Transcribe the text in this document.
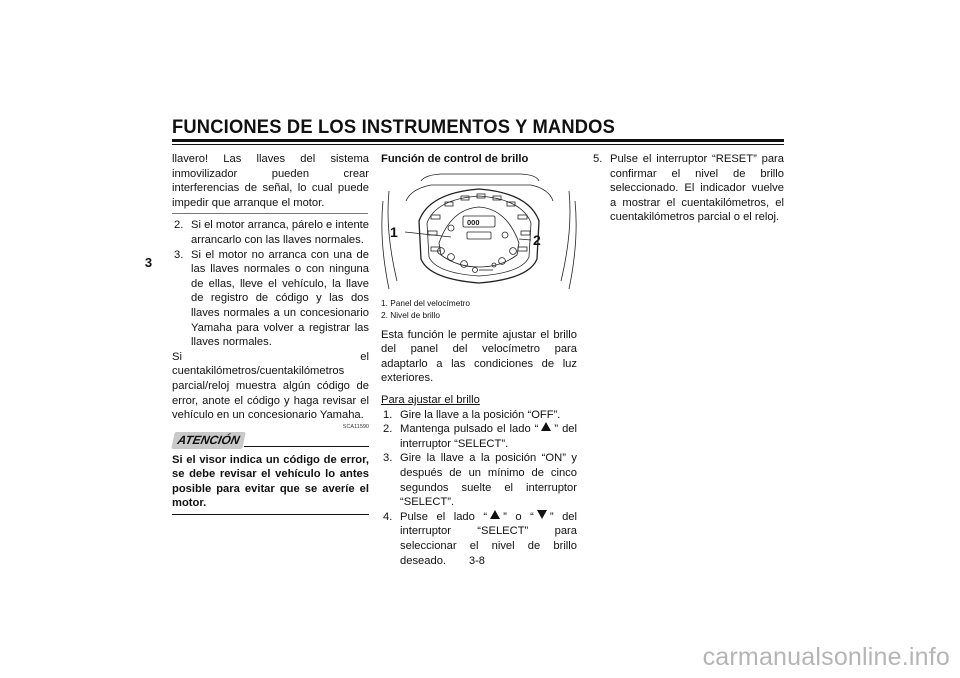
FUNCIONES DE LOS INSTRUMENTOS Y MANDOS
3

llavero! Las llaves del sistema inmovilizador pueden crear interferencias de señal, lo cual puede impedir que arranque el motor.

2. Si el motor arranca, párelo e intente arrancarlo con las llaves normales.
3. Si el motor no arranca con una de las llaves normales o con ninguna de ellas, lleve el vehículo, la llave de registro de código y las dos llaves normales a un concesionario Yamaha para volver a registrar las llaves normales.

Si el cuentakilómetros/cuentakilómetros parcial/reloj muestra algún código de error, anote el código y haga revisar el vehículo en un concesionario Yamaha.

SCA11590
ATENCIÓN

Si el visor indica un código de error, se debe revisar el vehículo lo antes posible para evitar que se averíe el motor.

Función de control de brillo

000
1	2
1. Panel del velocímetro
2. Nivel de brillo

Esta función le permite ajustar el brillo del panel del velocímetro para adaptarlo a las condiciones de luz exteriores.

Para ajustar el brillo

1. Gire la llave a la posición “OFF”.
2. Mantenga pulsado el lado “ ” del interruptor “SELECT”.
3. Gire la llave a la posición “ON” y después de un mínimo de cinco segundos suelte el interruptor “SELECT”.
4. Pulse el lado “ ” o “ ” del interruptor “SELECT” para seleccionar el nivel de brillo deseado.
5. Pulse el interruptor “RESET” para confirmar el nivel de brillo seleccionado. El indicador vuelve a mostrar el cuentakilómetros, el cuentakilómetros parcial o el reloj.
3-8
carmanualsonline.info
